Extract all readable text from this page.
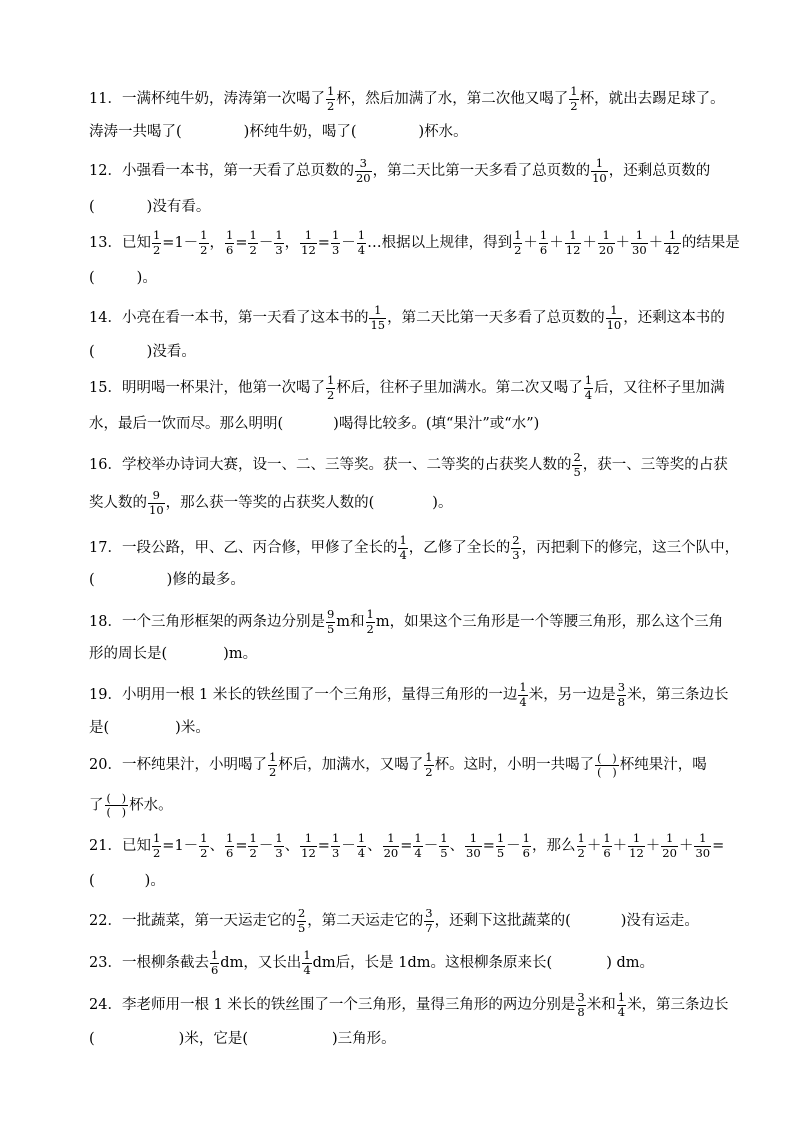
11．一满杯纯牛奶，涛涛第一次喝了 $\frac{1}{2}$ 杯，然后加满了水，第二次他又喝了 $\frac{1}{2}$ 杯，就出去踢足球了。
涛涛一共喝了(	)杯纯牛奶，喝了(	)杯水。
12．小强看一本书，第一天看了总页数的 $\frac{3}{20}$ ，第二天比第一天多看了总页数的 $\frac{1}{10}$ ，还剩总页数的
(	)没有看。
13．已知 $\frac{1}{2} =1- \frac{1}{2}$ ， $\frac{1}{6} = \frac{1}{2} - \frac{1}{3}$ ， $\frac{1}{12} = \frac{1}{3} - \frac{1}{4}$ …根据以上规律，得到 $\frac{1}{2} + \frac{1}{6} + \frac{1}{12} + \frac{1}{20} + \frac{1}{30} + \frac{1}{42}$ 的结果是
(	)。
14．小亮在看一本书，第一天看了这本书的 $\frac{1}{15}$ ，第二天比第一天多看了总页数的 $\frac{1}{10}$ ，还剩这本书的
(	)没看。
15．明明喝一杯果汁，他第一次喝了 $\frac{1}{2}$ 杯后，往杯子里加满水。第二次又喝了 $\frac{1}{4}$ 后，又往杯子里加满
水，最后一饮而尽。那么明明(	)喝得比较多。(填“果汁”或“水”)
16．学校举办诗词大赛，设一、二、三等奖。获一、二等奖的占获奖人数的 $\frac{2}{5}$ ，获一、三等奖的占获
奖人数的 $\frac{9}{10}$ ，那么获一等奖的占获奖人数的(	)。
17．一段公路，甲、乙、丙合修，甲修了全长的 $\frac{1}{4}$ ，乙修了全长的 $\frac{2}{3}$ ，丙把剩下的修完，这三个队中，
(	)修的最多。
18．一个三角形框架的两条边分别是 $\frac{9}{5}$ m和 $\frac{1}{2}$ m，如果这个三角形是一个等腰三角形，那么这个三角
形的周长是(	)m。
19．小明用一根 1 米长的铁丝围了一个三角形，量得三角形的一边 $\frac{1}{4}$ 米，另一边是 $\frac{3}{8}$ 米，第三条边长
是(	)米。
20．一杯纯果汁，小明喝了 $\frac{1}{2}$ 杯后，加满水，又喝了 $\frac{1}{2}$ 杯。这时，小明一共喝了 $\frac{( )}{( )}$ 杯纯果汁，喝
了 $\frac{( )}{( )}$ 杯水。
21．已知 $\frac{1}{2} =1- \frac{1}{2}$ 、 $\frac{1}{6} = \frac{1}{2} - \frac{1}{3}$ 、 $\frac{1}{12} = \frac{1}{3} - \frac{1}{4}$ 、 $\frac{1}{20} = \frac{1}{4} - \frac{1}{5}$ 、 $\frac{1}{30} = \frac{1}{5} - \frac{1}{6}$ ，那么 $\frac{1}{2} + \frac{1}{6} + \frac{1}{12} + \frac{1}{20} + \frac{1}{30}$ =
(	)。
22．一批蔬菜，第一天运走它的 $\frac{2}{5}$ ，第二天运走它的 $\frac{3}{7}$ ，还剩下这批蔬菜的(	)没有运走。
23．一根柳条截去 $\frac{1}{6}$ dm，又长出 $\frac{1}{4}$ dm后，长是 1dm。这根柳条原来长(	) dm。
24．李老师用一根 1 米长的铁丝围了一个三角形，量得三角形的两边分别是 $\frac{3}{8}$ 米和 $\frac{1}{4}$ 米，第三条边长
(	)米，它是(	)三角形。
